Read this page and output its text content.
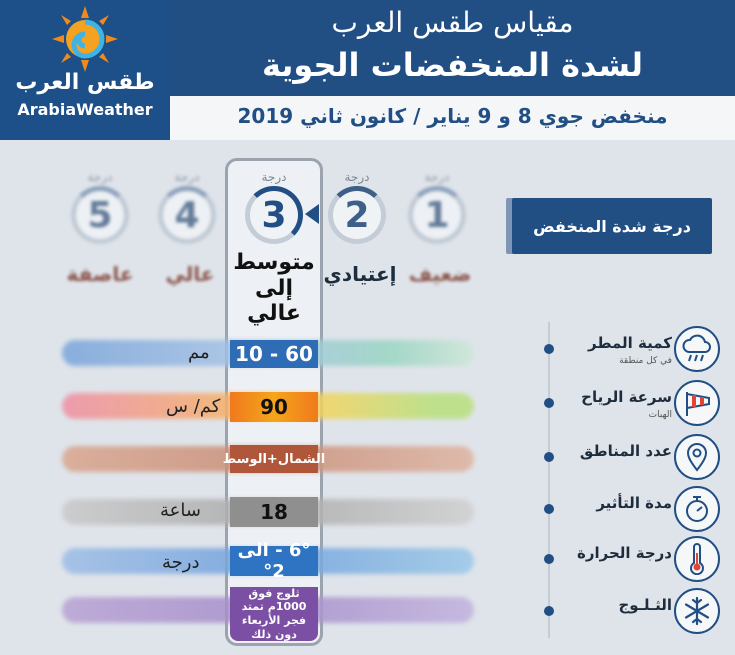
طقس العرب
ArabiaWeather
مقياس طقس العرب
لشدة المنخفضات الجوية
منخفض جوي 8 و 9 يناير / كانون ثاني 2019
درجة
1
درجة
2
درجة
3
درجة
4
درجة
5
ضعيف
إعتيادي
متوسط
إلى عالي
عالي
عاصفة
درجة شدة المنخفض
10 - 60
90
الشمال+الوسط
18
6° - الى 2°
ثلوج فوق 1000م تمتد فجر الأربعاء دون ذلك
مم
كم/ س
ساعة
درجة
كمية المطر
في كل منطقة
سرعة الرياح
الهبات
عدد المناطق
مدة التأثير
درجة الحرارة
الثـلـوج
